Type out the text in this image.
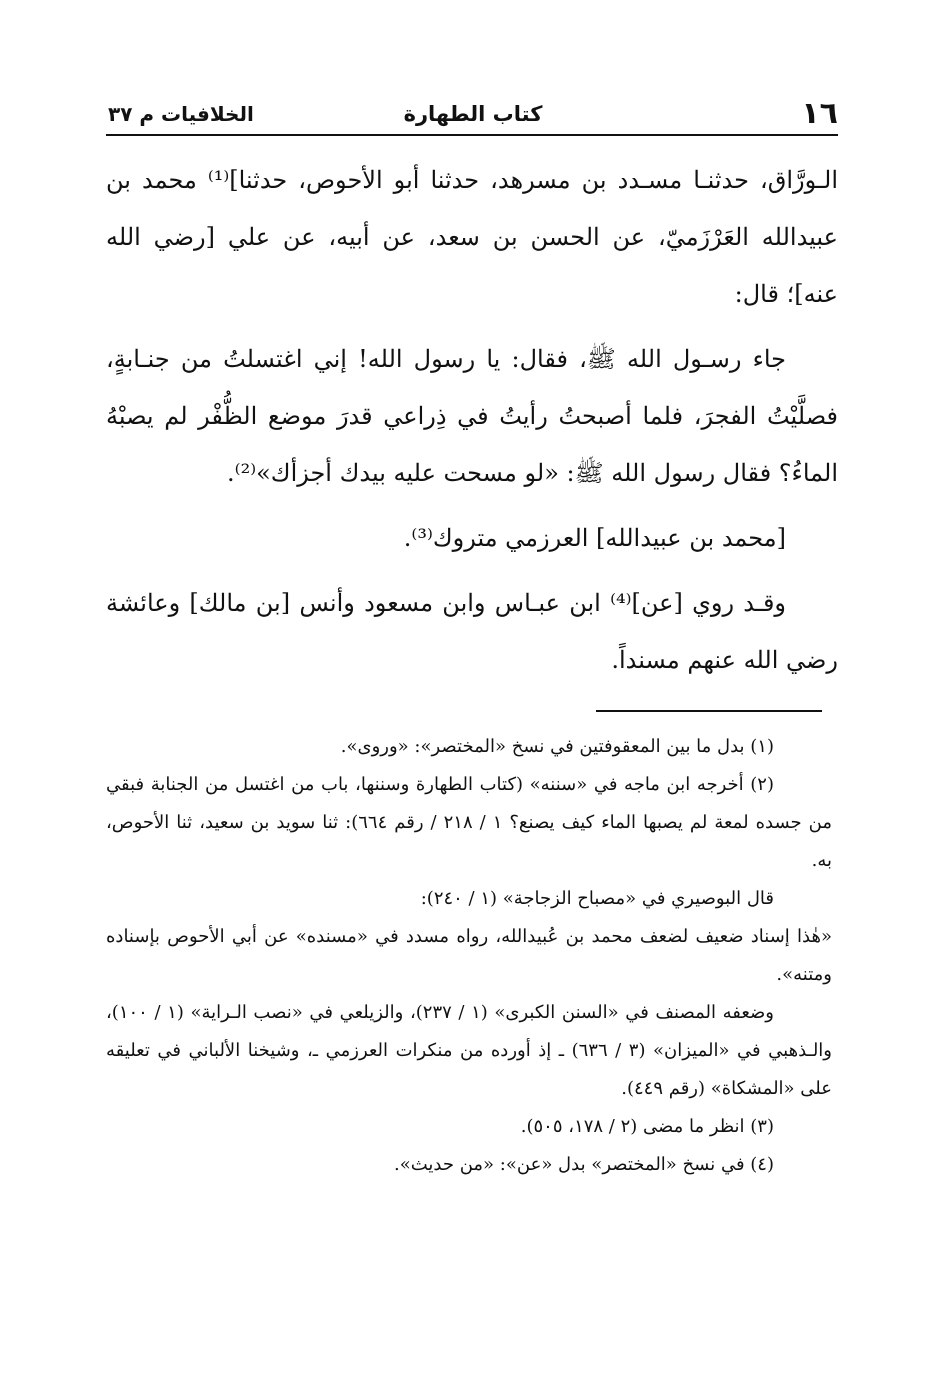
١٦
كتاب الطهارة
الخلافيات م ٣٧

الـورَّاق، حدثنـا مسـدد بن مسرهد، حدثنا أبو الأحوص، حدثنا]⁽¹⁾ محمد بن عبيدالله العَرْزَميّ، عن الحسن بن سعد، عن أبيه، عن علي [رضي الله عنه]؛ قال:

جاء رسـول الله ﷺ، فقال: يا رسول الله! إني اغتسلتُ من جنـابةٍ، فصلَّيْتُ الفجرَ، فلما أصبحتُ رأيتُ في ذِراعي قدرَ موضع الظُّفْر لم يصبْهُ الماءُ؟ فقال رسول الله ﷺ: «لو مسحت عليه بيدك أجزأك»⁽²⁾.

[محمد بن عبيدالله] العرزمي متروك⁽³⁾.

وقـد روي [عن]⁽⁴⁾ ابن عبـاس وابن مسعود وأنس [بن مالك] وعائشة رضي الله عنهم مسنداً.

(١) بدل ما بين المعقوفتين في نسخ «المختصر»: «وروى».

(٢) أخرجه ابن ماجه في «سننه» (كتاب الطهارة وسننها، باب من اغتسل من الجنابة فبقي من جسده لمعة لم يصبها الماء كيف يصنع؟ ١ / ٢١٨ / رقم ٦٦٤): ثنا سويد بن سعيد، ثنا الأحوص، به.

قال البوصيري في «مصباح الزجاجة» (١ / ٢٤٠):

«هٰذا إسناد ضعيف لضعف محمد بن عُبيدالله، رواه مسدد في «مسنده» عن أبي الأحوص بإسناده ومتنه».

وضعفه المصنف في «السنن الكبرى» (١ / ٢٣٧)، والزيلعي في «نصب الـراية» (١ / ١٠٠)، والـذهبي في «الميزان» (٣ / ٦٣٦) ـ إذ أورده من منكرات العرزمي ـ، وشيخنا الألباني في تعليقه على «المشكاة» (رقم ٤٤٩).

(٣) انظر ما مضى (٢ / ١٧٨، ٥٠٥).

(٤) في نسخ «المختصر» بدل «عن»: «من حديث».
